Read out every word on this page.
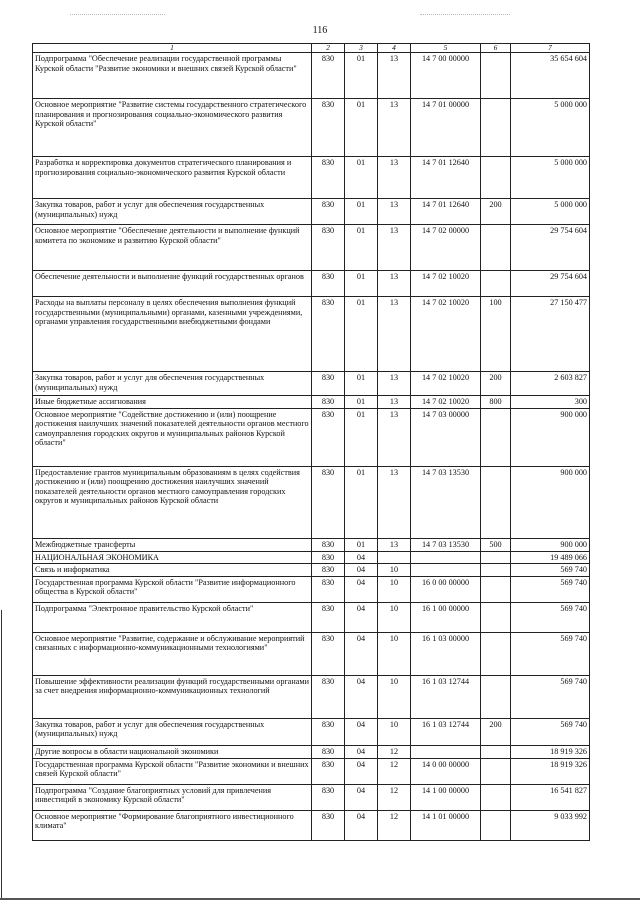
116
1	2	3	4	5	6	7
Подпрограмма "Обеспечение реализации государственной программы Курской области "Развитие экономики и внешних связей Курской области"	830	01	13	14 7 00 00000		35 654 604
Основное мероприятие "Развитие системы государственного стратегического планирования и прогнозирования социально-экономического развития Курской области"	830	01	13	14 7 01 00000		5 000 000
Разработка и корректировка документов стратегического планирования и прогнозирования социально-экономического развития Курской области	830	01	13	14 7 01 12640		5 000 000
Закупка товаров, работ и услуг для обеспечения государственных (муниципальных) нужд	830	01	13	14 7 01 12640	200	5 000 000
Основное мероприятие "Обеспечение деятельности и выполнение функций комитета по экономике и развитию Курской области"	830	01	13	14 7 02 00000		29 754 604
Обеспечение деятельности и выполнение функций государственных органов	830	01	13	14 7 02 10020		29 754 604
Расходы на выплаты персоналу в целях обеспечения выполнения функций государственными (муниципальными) органами, казенными учреждениями, органами управления государственными внебюджетными фондами	830	01	13	14 7 02 10020	100	27 150 477
Закупка товаров, работ и услуг для обеспечения государственных (муниципальных) нужд	830	01	13	14 7 02 10020	200	2 603 827
Иные бюджетные ассигнования	830	01	13	14 7 02 10020	800	300
Основное мероприятие "Содействие достижению и (или) поощрение достижения наилучших значений показателей деятельности органов местного самоуправления городских округов и муниципальных районов Курской области"	830	01	13	14 7 03 00000		900 000
Предоставление грантов муниципальным образованиям в целях содействия достижению и (или) поощрению достижения наилучших значений показателей деятельности органов местного самоуправления городских округов и муниципальных районов Курской области	830	01	13	14 7 03 13530		900 000
Межбюджетные трансферты	830	01	13	14 7 03 13530	500	900 000
НАЦИОНАЛЬНАЯ ЭКОНОМИКА	830	04				19 489 066
Связь и информатика	830	04	10			569 740
Государственная программа Курской области "Развитие информационного общества в Курской области"	830	04	10	16 0 00 00000		569 740
Подпрограмма "Электронное правительство Курской области"	830	04	10	16 1 00 00000		569 740
Основное мероприятие "Развитие, содержание и обслуживание мероприятий связанных с информационно-коммуникационными технологиями"	830	04	10	16 1 03 00000		569 740
Повышение эффективности реализации функций государственными органами за счет внедрения информационно-коммуникационных технологий	830	04	10	16 1 03 12744		569 740
Закупка товаров, работ и услуг для обеспечения государственных (муниципальных) нужд	830	04	10	16 1 03 12744	200	569 740
Другие вопросы в области национальной экономики	830	04	12			18 919 326
Государственная программа Курской области "Развитие экономики и внешних связей Курской области"	830	04	12	14 0 00 00000		18 919 326
Подпрограмма "Создание благоприятных условий для привлечения инвестиций в экономику Курской области"	830	04	12	14 1 00 00000		16 541 827
Основное мероприятие "Формирование благоприятного инвестиционного климата"	830	04	12	14 1 01 00000		9 033 992
